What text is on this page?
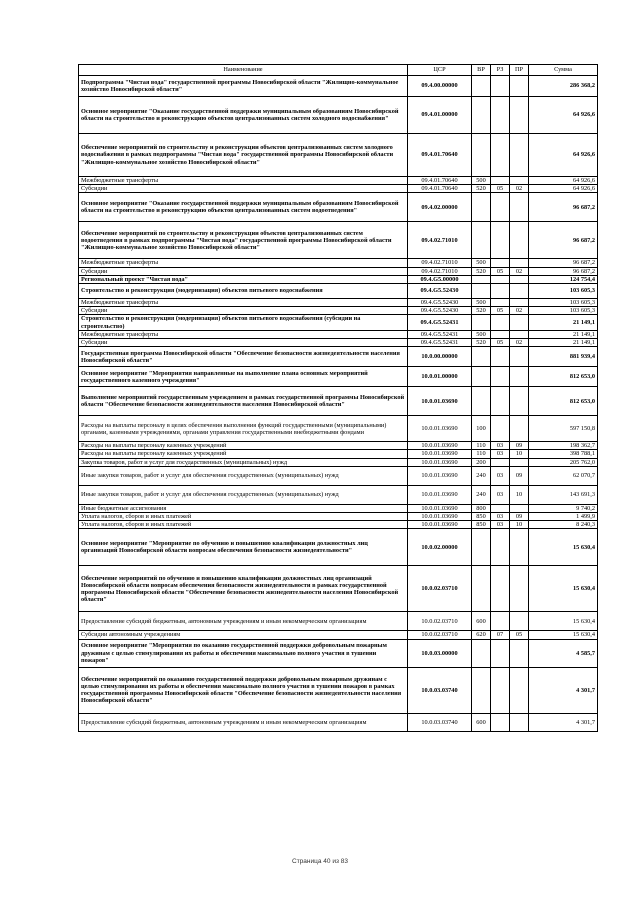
Наименование	ЦСР	ВР	РЗ	ПР	Сумма
Подпрограмма "Чистая вода" государственной программы Новосибирской области "Жилищно-коммунальное хозяйство Новосибирской области"	09.4.00.00000				286 368,2
Основное мероприятие "Оказание государственной поддержки муниципальным образованиям Новосибирской области на строительство и реконструкцию объектов централизованных систем холодного водоснабжения"	09.4.01.00000				64 926,6
Обеспечение мероприятий по строительству и реконструкции объектов централизованных систем холодного водоснабжения в рамках подпрограммы "Чистая вода" государственной программы Новосибирской области "Жилищно-коммунальное хозяйство Новосибирской области"	09.4.01.70640				64 926,6
Межбюджетные трансферты	09.4.01.70640	500			64 926,6
Субсидии	09.4.01.70640	520	05	02	64 926,6
Основное мероприятие "Оказание государственной поддержки муниципальным образованиям Новосибирской области на строительство и реконструкцию объектов централизованных систем водоотведения"	09.4.02.00000				96 687,2
Обеспечение мероприятий по строительству и реконструкции объектов централизованных систем водоотведения в рамках подпрограммы "Чистая вода" государственной программы Новосибирской области "Жилищно-коммунальное хозяйство Новосибирской области"	09.4.02.71010				96 687,2
Межбюджетные трансферты	09.4.02.71010	500			96 687,2
Субсидии	09.4.02.71010	520	05	02	96 687,2
Региональный проект "Чистая вода"	09.4.G5.00000				124 754,4
Строительство и реконструкция (модернизация) объектов питьевого водоснабжения	09.4.G5.52430				103 605,3
Межбюджетные трансферты	09.4.G5.52430	500			103 605,3
Субсидии	09.4.G5.52430	520	05	02	103 605,3
Строительство и реконструкция (модернизация) объектов питьевого водоснабжения (субсидии на строительство)	09.4.G5.52431				21 149,1
Межбюджетные трансферты	09.4.G5.52431	500			21 149,1
Субсидии	09.4.G5.52431	520	05	02	21 149,1
Государственная программа Новосибирской области "Обеспечение безопасности жизнедеятельности населения Новосибирской области"	10.0.00.00000				881 939,4
Основное мероприятие "Мероприятия направленные на выполнение плана основных мероприятий государственного казенного учреждения"	10.0.01.00000				812 653,0
Выполнение мероприятий государственным учреждением в рамках государственной программы Новосибирской области "Обеспечение безопасности жизнедеятельности населения Новосибирской области"	10.0.01.03690				812 653,0
Расходы на выплаты персоналу в целях обеспечения выполнения функций государственными (муниципальными) органами, казенными учреждениями, органами управления государственными внебюджетными фондами	10.0.01.03690	100			597 150,8
Расходы на выплаты персоналу казенных учреждений	10.0.01.03690	110	03	09	198 362,7
Расходы на выплаты персоналу казенных учреждений	10.0.01.03690	110	03	10	398 788,1
Закупка товаров, работ и услуг для государственных (муниципальных) нужд	10.0.01.03690	200			205 762,0
Иные закупки товаров, работ и услуг для обеспечения государственных (муниципальных) нужд	10.0.01.03690	240	03	09	62 070,7
Иные закупки товаров, работ и услуг для обеспечения государственных (муниципальных) нужд	10.0.01.03690	240	03	10	143 691,3
Иные бюджетные ассигнования	10.0.01.03690	800			9 740,2
Уплата налогов, сборов и иных платежей	10.0.01.03690	850	03	09	1 499,9
Уплата налогов, сборов и иных платежей	10.0.01.03690	850	03	10	8 240,3
Основное мероприятие "Мероприятие по обучению и повышению квалификации должностных лиц организаций Новосибирской области вопросам обеспечения безопасности жизнедеятельности"	10.0.02.00000				15 630,4
Обеспечение мероприятий по обучению и повышению квалификации должностных лиц организаций Новосибирской области вопросам обеспечения безопасности жизнедеятельности в рамках государственной программы Новосибирской области "Обеспечение безопасности жизнедеятельности населения Новосибирской области"	10.0.02.03710				15 630,4
Предоставление субсидий бюджетным, автономным учреждениям и иным некоммерческим организациям	10.0.02.03710	600			15 630,4
Субсидии автономным учреждениям	10.0.02.03710	620	07	05	15 630,4
Основное мероприятие "Мероприятия по оказанию государственной поддержки добровольным пожарным дружинам с целью стимулирования их работы и обеспечения максимально полного участия в тушении пожаров"	10.0.03.00000				4 585,7
Обеспечение мероприятий по оказанию государственной поддержки добровольным пожарным дружинам с целью стимулирования их работы и обеспечения максимально полного участия в тушении пожаров в рамках государственной программы Новосибирской области "Обеспечение безопасности жизнедеятельности населения Новосибирской области"	10.0.03.03740				4 301,7
Предоставление субсидий бюджетным, автономным учреждениям и иным некоммерческим организациям	10.0.03.03740	600			4 301,7
Страница 40 из 83
